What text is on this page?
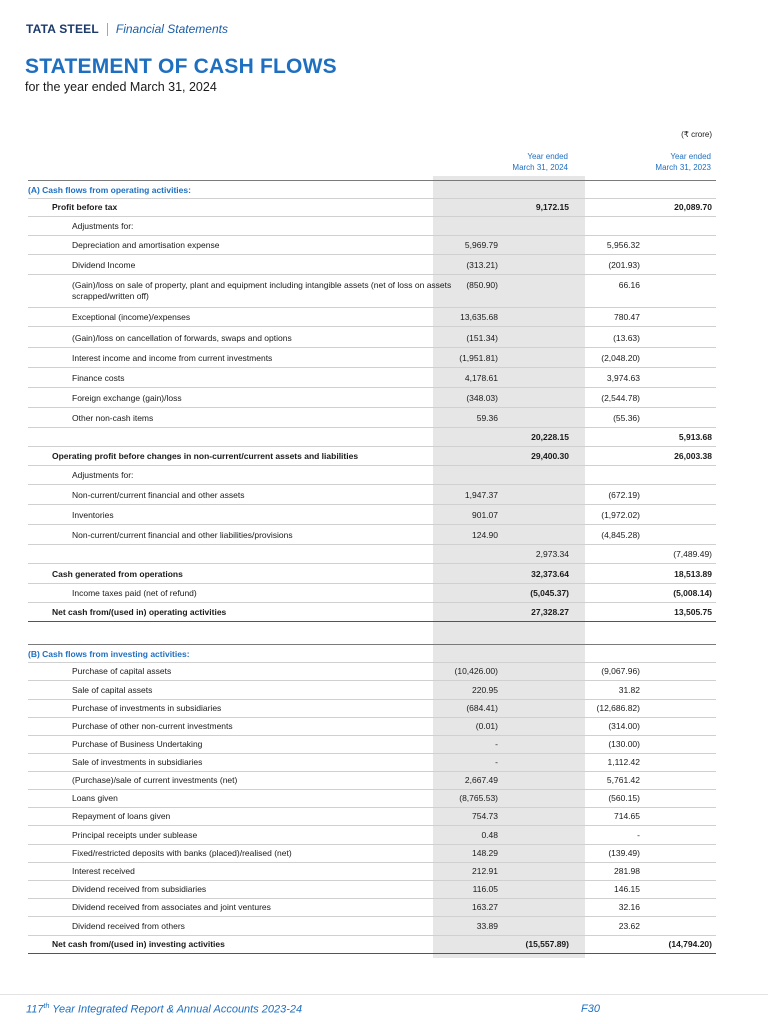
TATA STEEL Financial Statements
STATEMENT OF CASH FLOWS
for the year ended March 31, 2024
(₹ crore)
Year ended
March 31, 2024
Year ended
March 31, 2023
(A) Cash flows from operating activities:
Profit before tax	9,172.15	20,089.70
Adjustments for:
Depreciation and amortisation expense	5,969.79	5,956.32
Dividend Income	(313.21)	(201.93)
(Gain)/loss on sale of property, plant and equipment including intangible assets (net of loss on assets scrapped/written off)
(850.90)	66.16
Exceptional (income)/expenses	13,635.68	780.47
(Gain)/loss on cancellation of forwards, swaps and options	(151.34)	(13.63)
Interest income and income from current investments	(1,951.81)	(2,048.20)
Finance costs	4,178.61	3,974.63
Foreign exchange (gain)/loss	(348.03)	(2,544.78)
Other non-cash items	59.36	(55.36)
20,228.15	5,913.68
Operating profit before changes in non-current/current assets and liabilities	29,400.30	26,003.38
Adjustments for:
Non-current/current financial and other assets	1,947.37	(672.19)
Inventories	901.07	(1,972.02)
Non-current/current financial and other liabilities/provisions	124.90	(4,845.28)
2,973.34	(7,489.49)
Cash generated from operations	32,373.64	18,513.89
Income taxes paid (net of refund)	(5,045.37)	(5,008.14)
Net cash from/(used in) operating activities	27,328.27	13,505.75
(B) Cash flows from investing activities:
Purchase of capital assets	(10,426.00)	(9,067.96)
Sale of capital assets	220.95	31.82
Purchase of investments in subsidiaries	(684.41)	(12,686.82)
Purchase of other non-current investments	(0.01)	(314.00)
Purchase of Business Undertaking	-	(130.00)
Sale of investments in subsidiaries	-	1,112.42
(Purchase)/sale of current investments (net)	2,667.49	5,761.42
Loans given	(8,765.53)	(560.15)
Repayment of loans given	754.73	714.65
Principal receipts under sublease	0.48	-
Fixed/restricted deposits with banks (placed)/realised (net)	148.29	(139.49)
Interest received	212.91	281.98
Dividend received from subsidiaries	116.05	146.15
Dividend received from associates and joint ventures	163.27	32.16
Dividend received from others	33.89	23.62
Net cash from/(used in) investing activities	(15,557.89)	(14,794.20)
117th Year Integrated Report & Annual Accounts 2023-24	F30
